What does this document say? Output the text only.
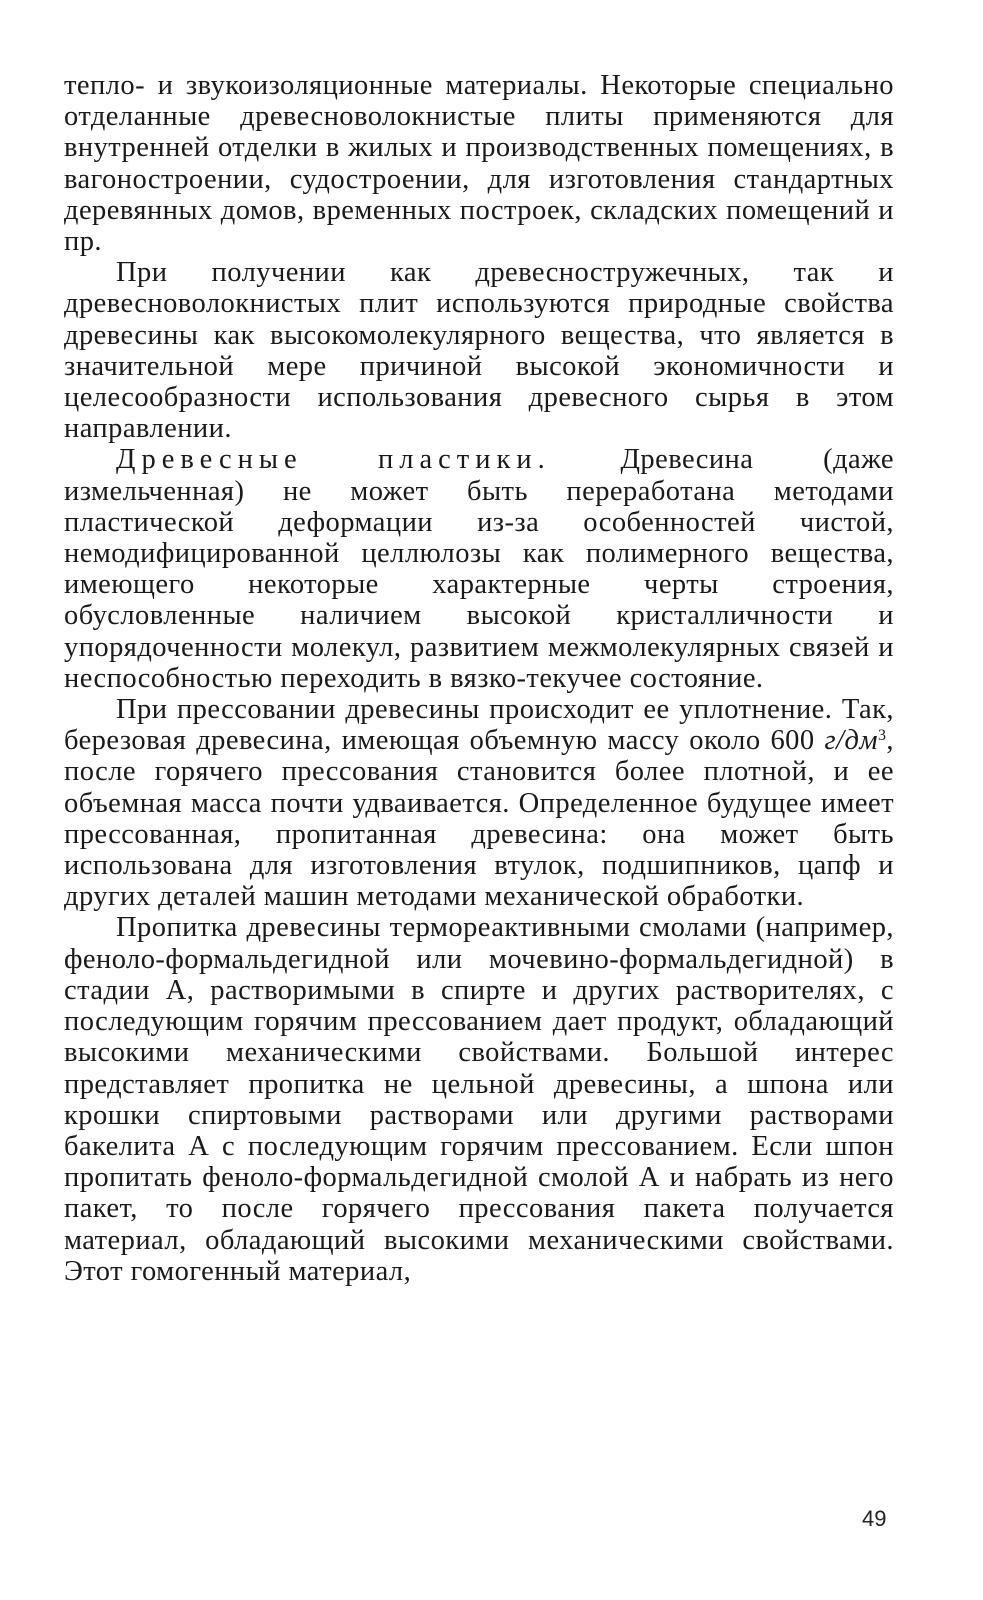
тепло- и звукоизоляционные материалы. Некоторые специально отделанные древесноволокнистые плиты применяются для внутренней отделки в жилых и производственных помещениях, в вагоностроении, судостроении, для изготовления стандартных деревянных домов, временных построек, складских помещений и пр.

При получении как древесностружечных, так и древесноволокнистых плит используются природные свойства древесины как высокомолекулярного вещества, что является в значительной мере причиной высокой экономичности и целесообразности использования древесного сырья в этом направлении.

Древесные пластики. Древесина (даже измельченная) не может быть переработана методами пластической деформации из-за особенностей чистой, немодифицированной целлюлозы как полимерного вещества, имеющего некоторые характерные черты строения, обусловленные наличием высокой кристалличности и упорядоченности молекул, развитием межмолекулярных связей и неспособностью переходить в вязко-текучее состояние.

При прессовании древесины происходит ее уплотнение. Так, березовая древесина, имеющая объемную массу около 600 $г/дм^3$, после горячего прессования становится более плотной, и ее объемная масса почти удваивается. Определенное будущее имеет прессованная, пропитанная древесина: она может быть использована для изготовления втулок, подшипников, цапф и других деталей машин методами механической обработки.

Пропитка древесины термореактивными смолами (например, феноло-формальдегидной или мочевино-формальдегидной) в стадии А, растворимыми в спирте и других растворителях, с последующим горячим прессованием дает продукт, обладающий высокими механическими свойствами. Большой интерес представляет пропитка не цельной древесины, а шпона или крошки спиртовыми растворами или другими растворами бакелита А с последующим горячим прессованием. Если шпон пропитать феноло-формальдегидной смолой А и набрать из него пакет, то после горячего прессования пакета получается материал, обладающий высокими механическими свойствами. Этот гомогенный материал,

49
